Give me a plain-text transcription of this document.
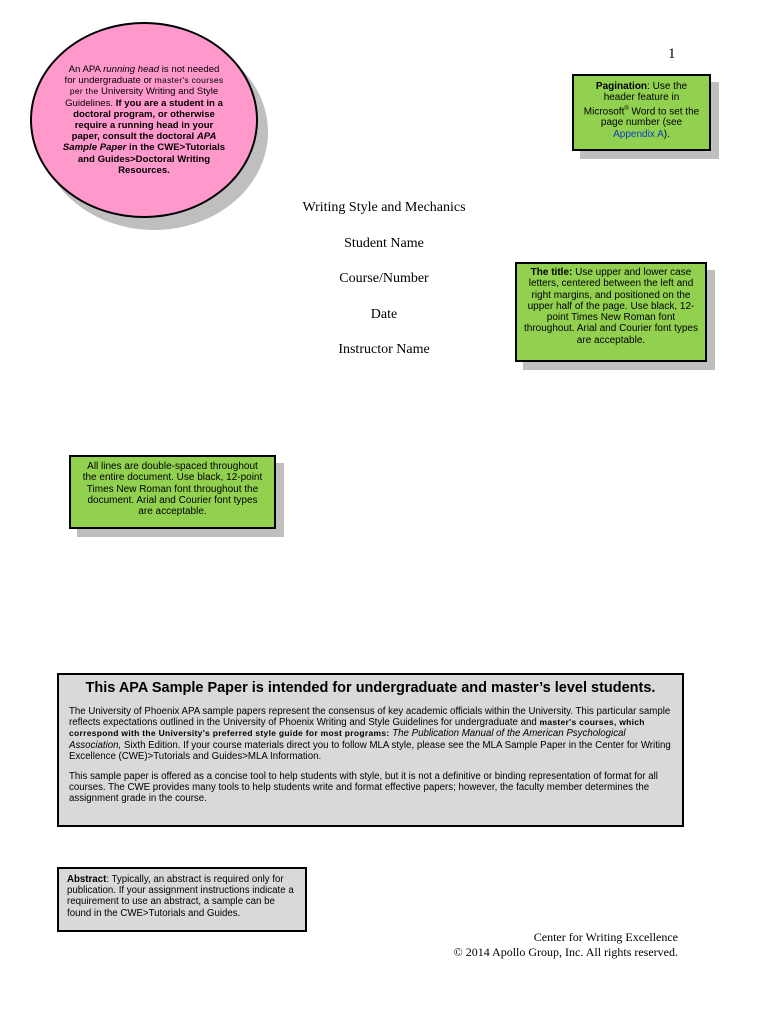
1

An APA running head is not needed for undergraduate or master's courses per the University Writing and Style Guidelines. If you are a student in a doctoral program, or otherwise require a running head in your paper, consult the doctoral APA Sample Paper in the CWE>Tutorials and Guides>Doctoral Writing Resources.

Pagination: Use the header feature in Microsoft® Word to set the page number (see Appendix A).

Writing Style and Mechanics
Student Name
Course/Number
Date
Instructor Name

The title: Use upper and lower case letters, centered between the left and right margins, and positioned on the upper half of the page. Use black, 12-point Times New Roman font throughout. Arial and Courier font types are acceptable.

All lines are double-spaced throughout the entire document. Use black, 12-point Times New Roman font throughout the document. Arial and Courier font types are acceptable.

This APA Sample Paper is intended for undergraduate and master’s level students.

The University of Phoenix APA sample papers represent the consensus of key academic officials within the University. This particular sample reflects expectations outlined in the University of Phoenix Writing and Style Guidelines for undergraduate and master's courses, which correspond with the University's preferred style guide for most programs: The Publication Manual of the American Psychological Association, Sixth Edition. If your course materials direct you to follow MLA style, please see the MLA Sample Paper in the Center for Writing Excellence (CWE)>Tutorials and Guides>MLA Information.

This sample paper is offered as a concise tool to help students with style, but it is not a definitive or binding representation of format for all courses. The CWE provides many tools to help students write and format effective papers; however, the faculty member determines the assignment grade in the course.

Abstract: Typically, an abstract is required only for publication. If your assignment instructions indicate a requirement to use an abstract, a sample can be found in the CWE>Tutorials and Guides.

Center for Writing Excellence
© 2014 Apollo Group, Inc. All rights reserved.
